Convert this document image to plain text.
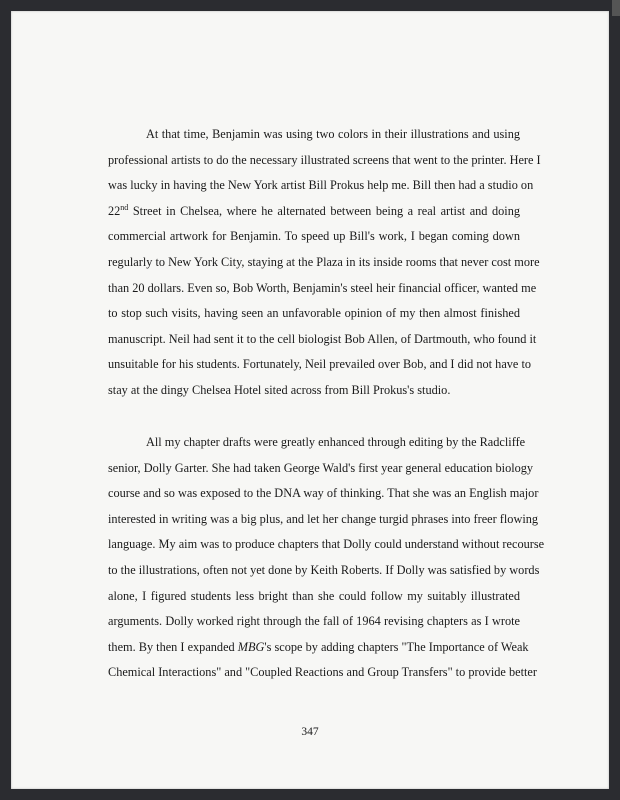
At that time, Benjamin was using two colors in their illustrations and using
professional artists to do the necessary illustrated screens that went to the printer. Here I
was lucky in having the New York artist Bill Prokus help me. Bill then had a studio on
22nd Street in Chelsea, where he alternated between being a real artist and doing
commercial artwork for Benjamin. To speed up Bill's work, I began coming down
regularly to New York City, staying at the Plaza in its inside rooms that never cost more
than 20 dollars. Even so, Bob Worth, Benjamin's steel heir financial officer, wanted me
to stop such visits, having seen an unfavorable opinion of my then almost finished
manuscript. Neil had sent it to the cell biologist Bob Allen, of Dartmouth, who found it
unsuitable for his students. Fortunately, Neil prevailed over Bob, and I did not have to
stay at the dingy Chelsea Hotel sited across from Bill Prokus's studio.
All my chapter drafts were greatly enhanced through editing by the Radcliffe
senior, Dolly Garter. She had taken George Wald's first year general education biology
course and so was exposed to the DNA way of thinking. That she was an English major
interested in writing was a big plus, and let her change turgid phrases into freer flowing
language. My aim was to produce chapters that Dolly could understand without recourse
to the illustrations, often not yet done by Keith Roberts. If Dolly was satisfied by words
alone, I figured students less bright than she could follow my suitably illustrated
arguments. Dolly worked right through the fall of 1964 revising chapters as I wrote
them. By then I expanded MBG's scope by adding chapters "The Importance of Weak
Chemical Interactions" and "Coupled Reactions and Group Transfers" to provide better
347
